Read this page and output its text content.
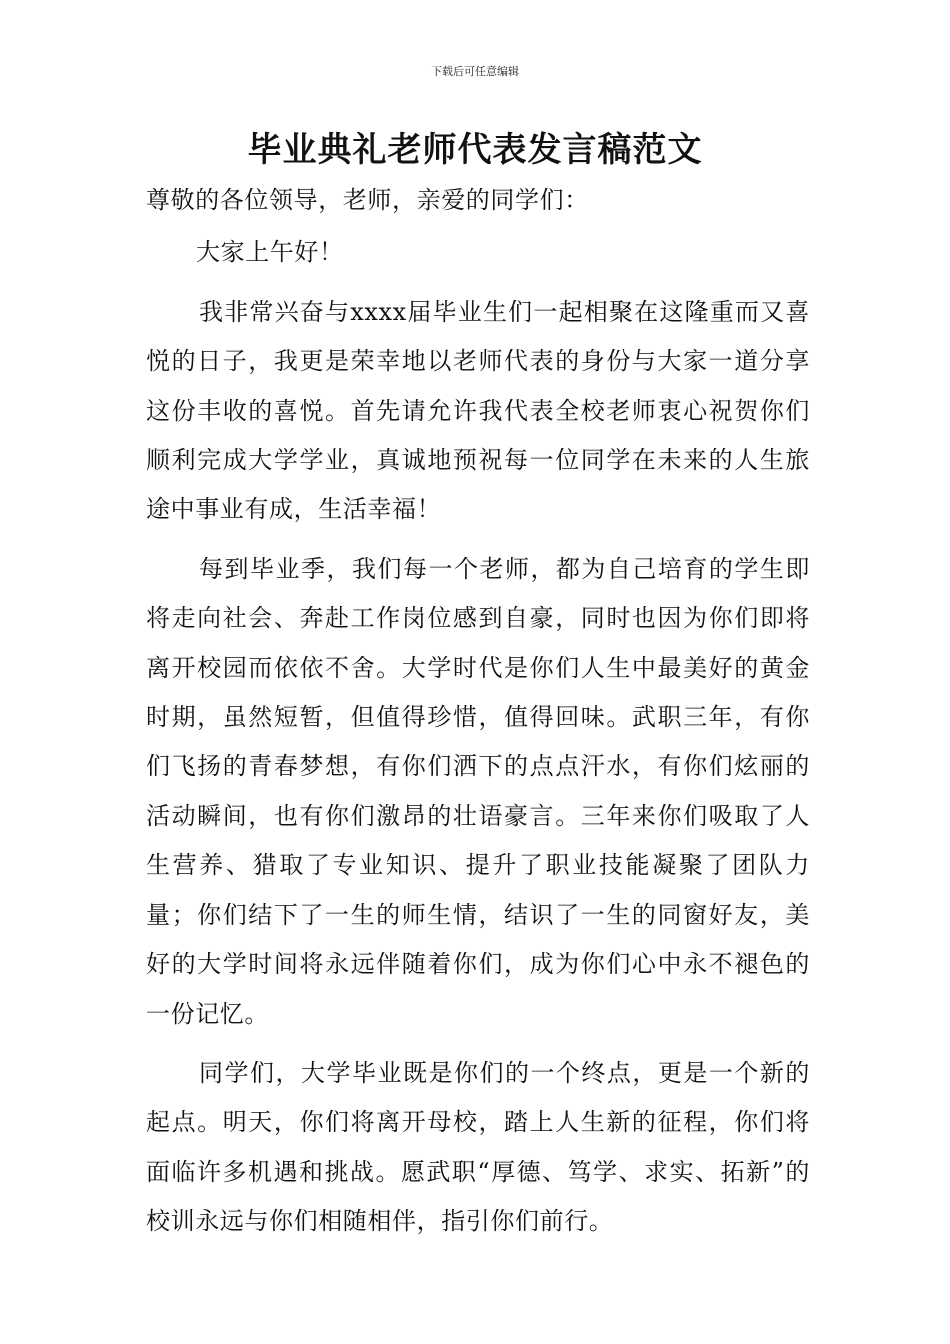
下载后可任意编辑
毕业典礼老师代表发言稿范文

尊敬的各位领导，老师，亲爱的同学们：

大家上午好！

我非常兴奋与xxxx届毕业生们一起相聚在这隆重而又喜悦的日子，我更是荣幸地以老师代表的身份与大家一道分享这份丰收的喜悦。首先请允许我代表全校老师衷心祝贺你们顺利完成大学学业，真诚地预祝每一位同学在未来的人生旅途中事业有成，生活幸福！

每到毕业季，我们每一个老师，都为自己培育的学生即将走向社会、奔赴工作岗位感到自豪，同时也因为你们即将离开校园而依依不舍。大学时代是你们人生中最美好的黄金时期，虽然短暂，但值得珍惜，值得回味。武职三年，有你们飞扬的青春梦想，有你们洒下的点点汗水，有你们炫丽的活动瞬间，也有你们激昂的壮语豪言。三年来你们吸取了人生营养、猎取了专业知识、提升了职业技能凝聚了团队力量；你们结下了一生的师生情，结识了一生的同窗好友，美好的大学时间将永远伴随着你们，成为你们心中永不褪色的一份记忆。

同学们，大学毕业既是你们的一个终点，更是一个新的起点。明天，你们将离开母校，踏上人生新的征程，你们将面临许多机遇和挑战。愿武职“厚德、笃学、求实、拓新”的校训永远与你们相随相伴，指引你们前行。
